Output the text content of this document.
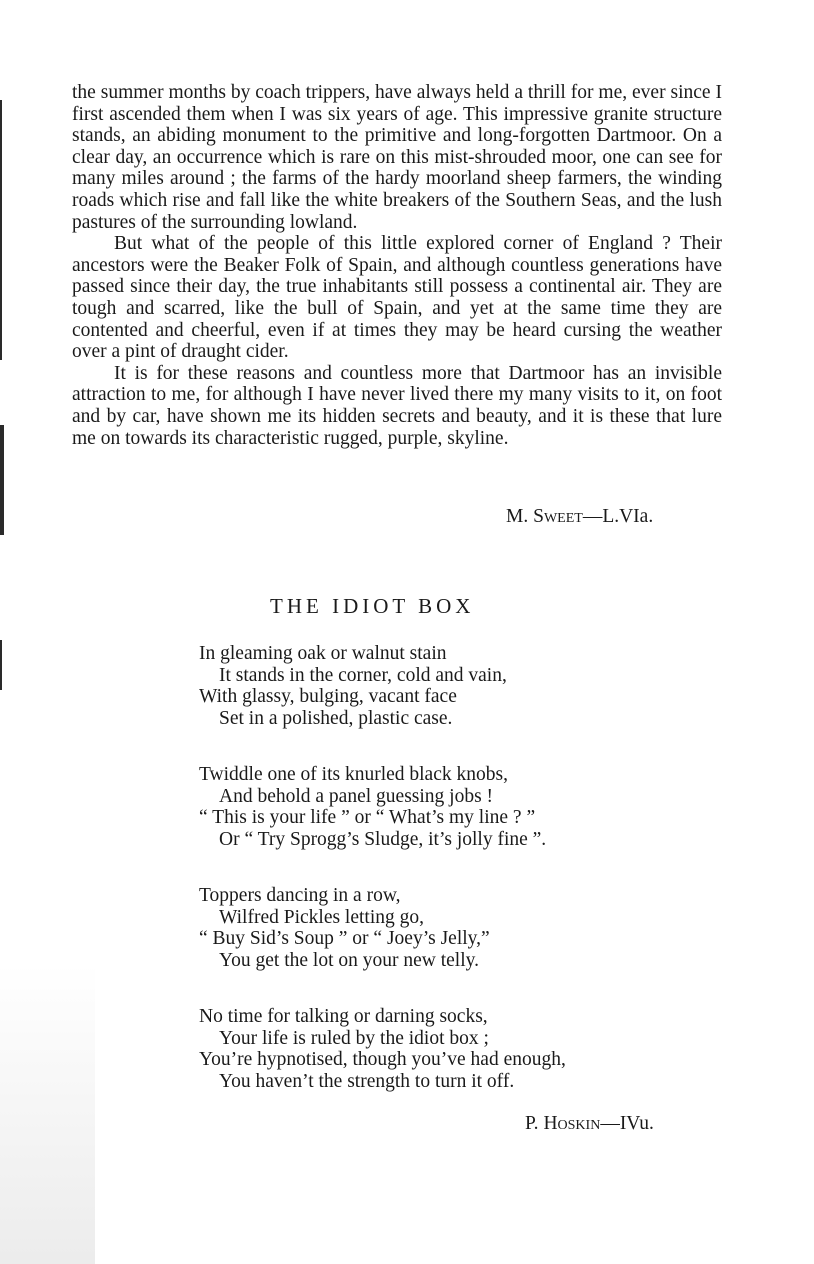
the summer months by coach trippers, have always held a thrill for me, ever since I first ascended them when I was six years of age. This impressive granite structure stands, an abiding monument to the primitive and long-forgotten Dartmoor. On a clear day, an occurrence which is rare on this mist-shrouded moor, one can see for many miles around ; the farms of the hardy moorland sheep farmers, the winding roads which rise and fall like the white breakers of the Southern Seas, and the lush pastures of the surrounding lowland.

But what of the people of this little explored corner of England ? Their ancestors were the Beaker Folk of Spain, and although countless generations have passed since their day, the true inhabitants still possess a continental air. They are tough and scarred, like the bull of Spain, and yet at the same time they are contented and cheerful, even if at times they may be heard cursing the weather over a pint of draught cider.

It is for these reasons and countless more that Dartmoor has an invisible attraction to me, for although I have never lived there my many visits to it, on foot and by car, have shown me its hidden secrets and beauty, and it is these that lure me on towards its characteristic rugged, purple, skyline.

M. Sweet—L.VIa.
THE IDIOT BOX
In gleaming oak or walnut stain
It stands in the corner, cold and vain,
With glassy, bulging, vacant face
Set in a polished, plastic case.
Twiddle one of its knurled black knobs,
And behold a panel guessing jobs !
“ This is your life ” or “ What’s my line ? ”
Or “ Try Sprogg’s Sludge, it’s jolly fine ”.
Toppers dancing in a row,
Wilfred Pickles letting go,
“ Buy Sid’s Soup ” or “ Joey’s Jelly,”
You get the lot on your new telly.
No time for talking or darning socks,
Your life is ruled by the idiot box ;
You’re hypnotised, though you’ve had enough,
You haven’t the strength to turn it off.
P. Hoskin—IVu.
